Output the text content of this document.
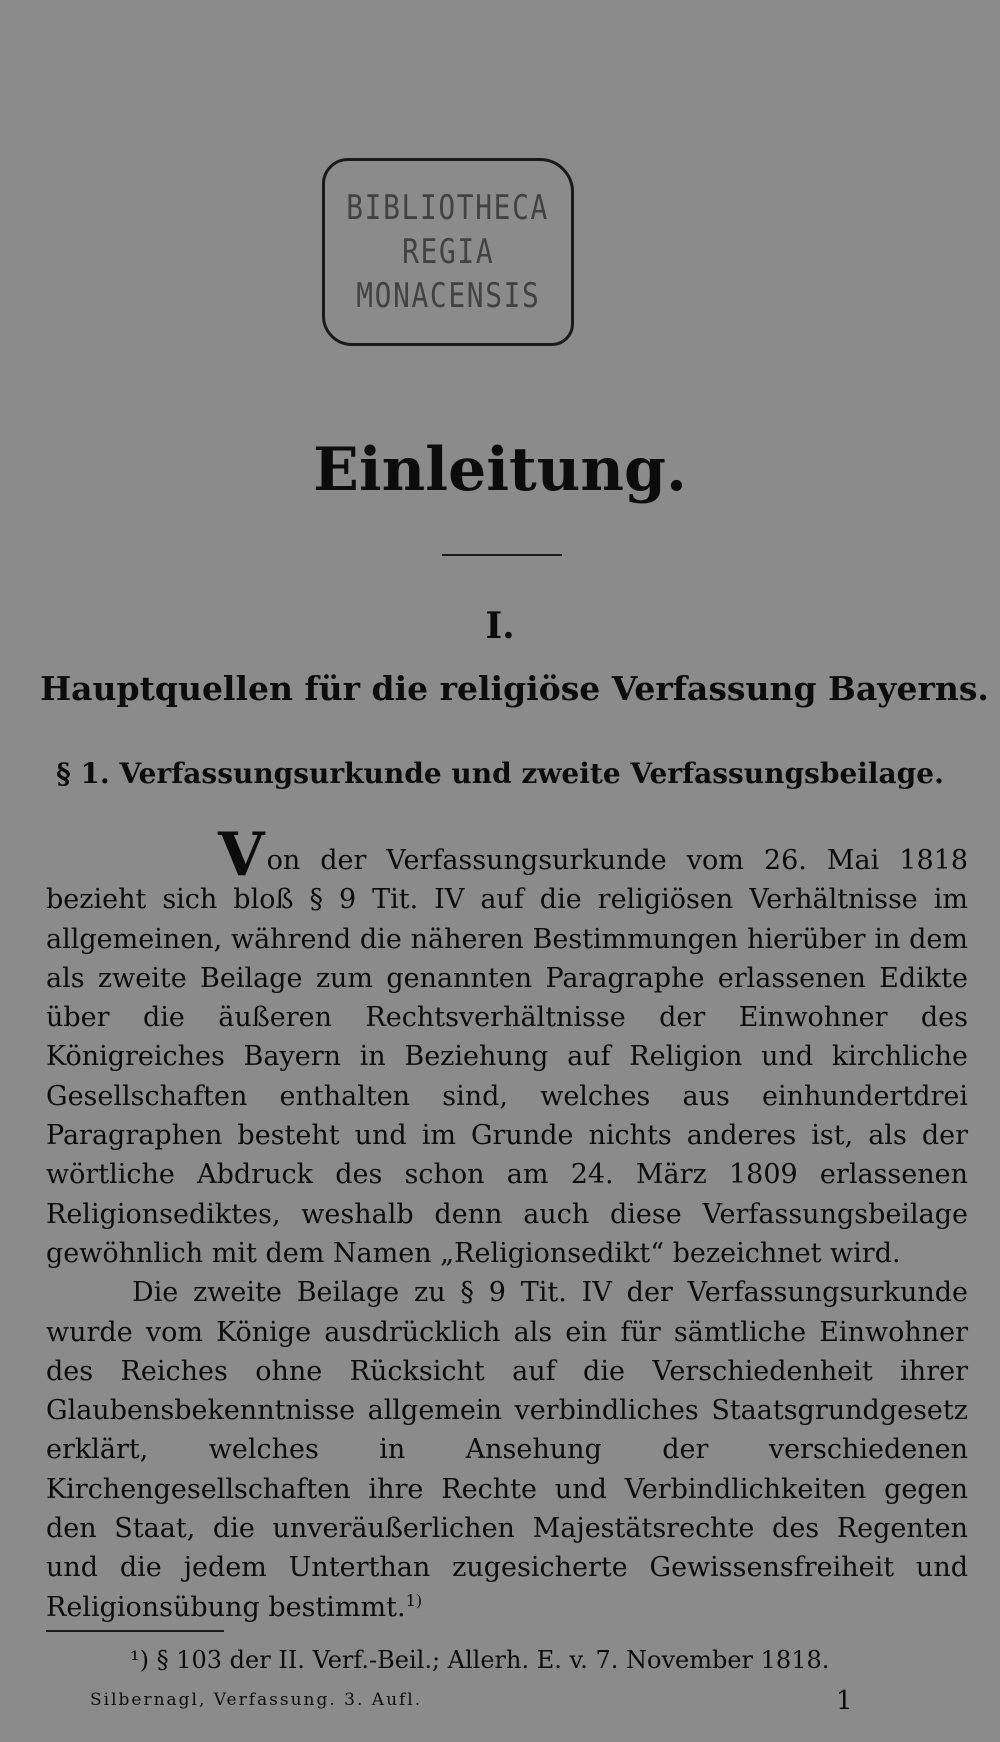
BIBLIOTHECA
REGIA
MONACENSIS
Einleitung.
I.
Hauptquellen für die religiöse Verfassung Bayerns.
§ 1. Verfassungsurkunde und zweite Verfassungsbeilage.

Von der Verfassungsurkunde vom 26. Mai 1818 bezieht sich bloß § 9 Tit. IV auf die religiösen Verhältnisse im allgemeinen, während die näheren Bestimmungen hierüber in dem als zweite Beilage zum genannten Paragraphe erlassenen Edikte über die äußeren Rechtsverhältnisse der Einwohner des Königreiches Bayern in Beziehung auf Religion und kirchliche Gesellschaften enthalten sind, welches aus einhundertdrei Paragraphen besteht und im Grunde nichts anderes ist, als der wörtliche Abdruck des schon am 24. März 1809 erlassenen Religionsediktes, weshalb denn auch diese Verfassungsbeilage gewöhnlich mit dem Namen „Religionsedikt“ bezeichnet wird.

Die zweite Beilage zu § 9 Tit. IV der Verfassungsurkunde wurde vom Könige ausdrücklich als ein für sämtliche Einwohner des Reiches ohne Rücksicht auf die Verschiedenheit ihrer Glaubensbekenntnisse allgemein verbindliches Staatsgrundgesetz erklärt, welches in Ansehung der verschiedenen Kirchengesellschaften ihre Rechte und Verbindlichkeiten gegen den Staat, die unveräußerlichen Majestätsrechte des Regenten und die jedem Unterthan zugesicherte Gewissensfreiheit und Religionsübung bestimmt.$^{1)}$

¹) § 103 der II. Verf.-Beil.; Allerh. E. v. 7. November 1818.
Silbernagl, Verfassung. 3. Aufl.	1
